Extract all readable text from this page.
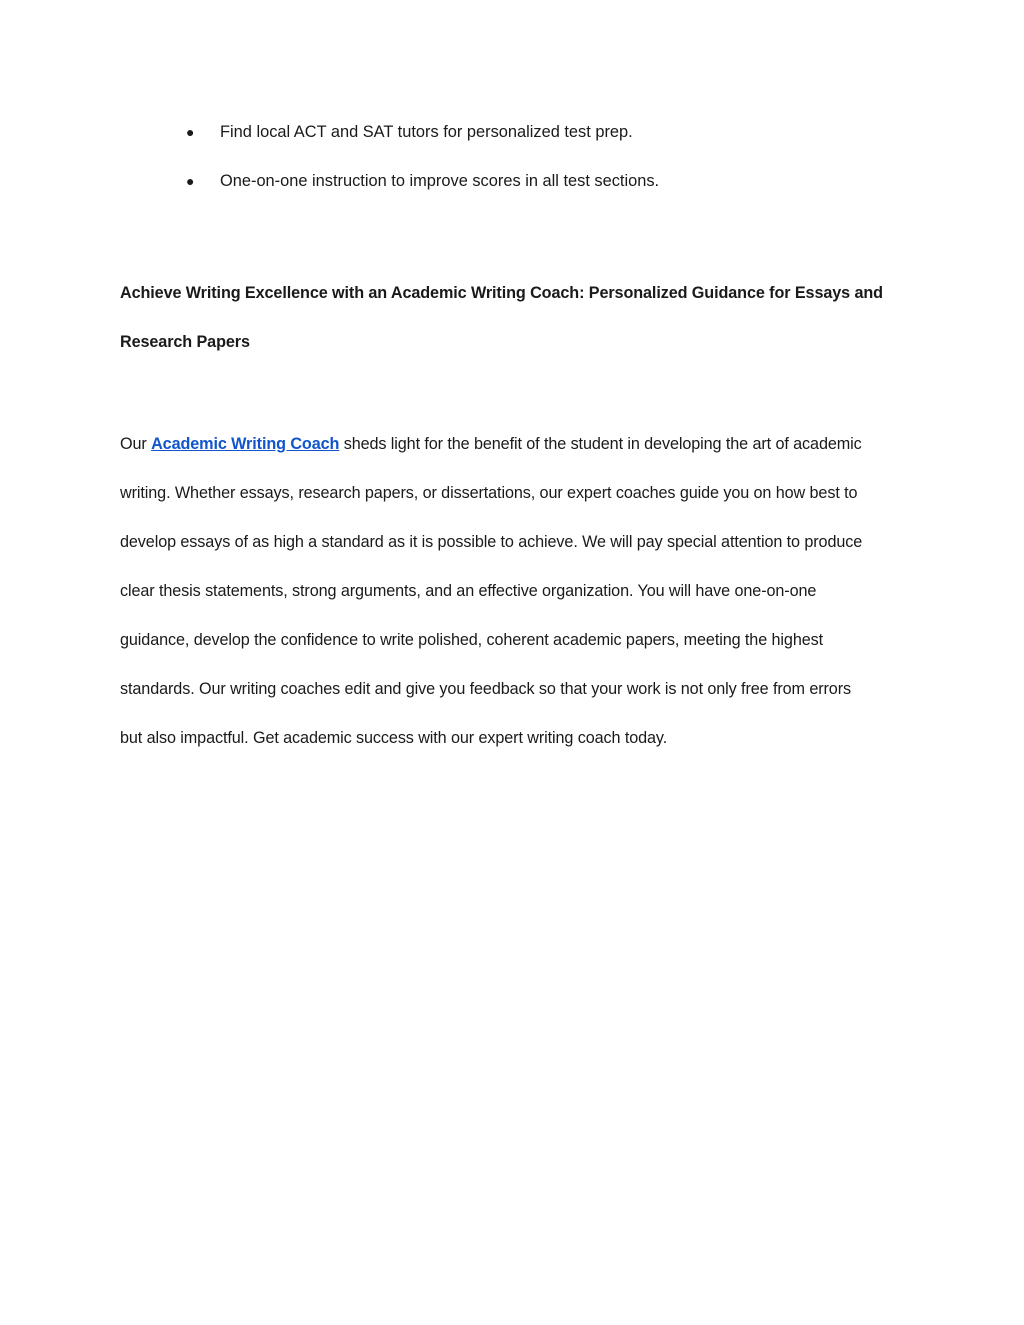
●	Find local ACT and SAT tutors for personalized test prep.
●	One-on-one instruction to improve scores in all test sections.
Achieve Writing Excellence with an Academic Writing Coach: Personalized Guidance for Essays and
Research Papers

Our Academic Writing Coach sheds light for the benefit of the student in developing the art of academic
writing. Whether essays, research papers, or dissertations, our expert coaches guide you on how best to
develop essays of as high a standard as it is possible to achieve. We will pay special attention to produce
clear thesis statements, strong arguments, and an effective organization. You will have one-on-one
guidance, develop the confidence to write polished, coherent academic papers, meeting the highest
standards. Our writing coaches edit and give you feedback so that your work is not only free from errors
but also impactful. Get academic success with our expert writing coach today.
